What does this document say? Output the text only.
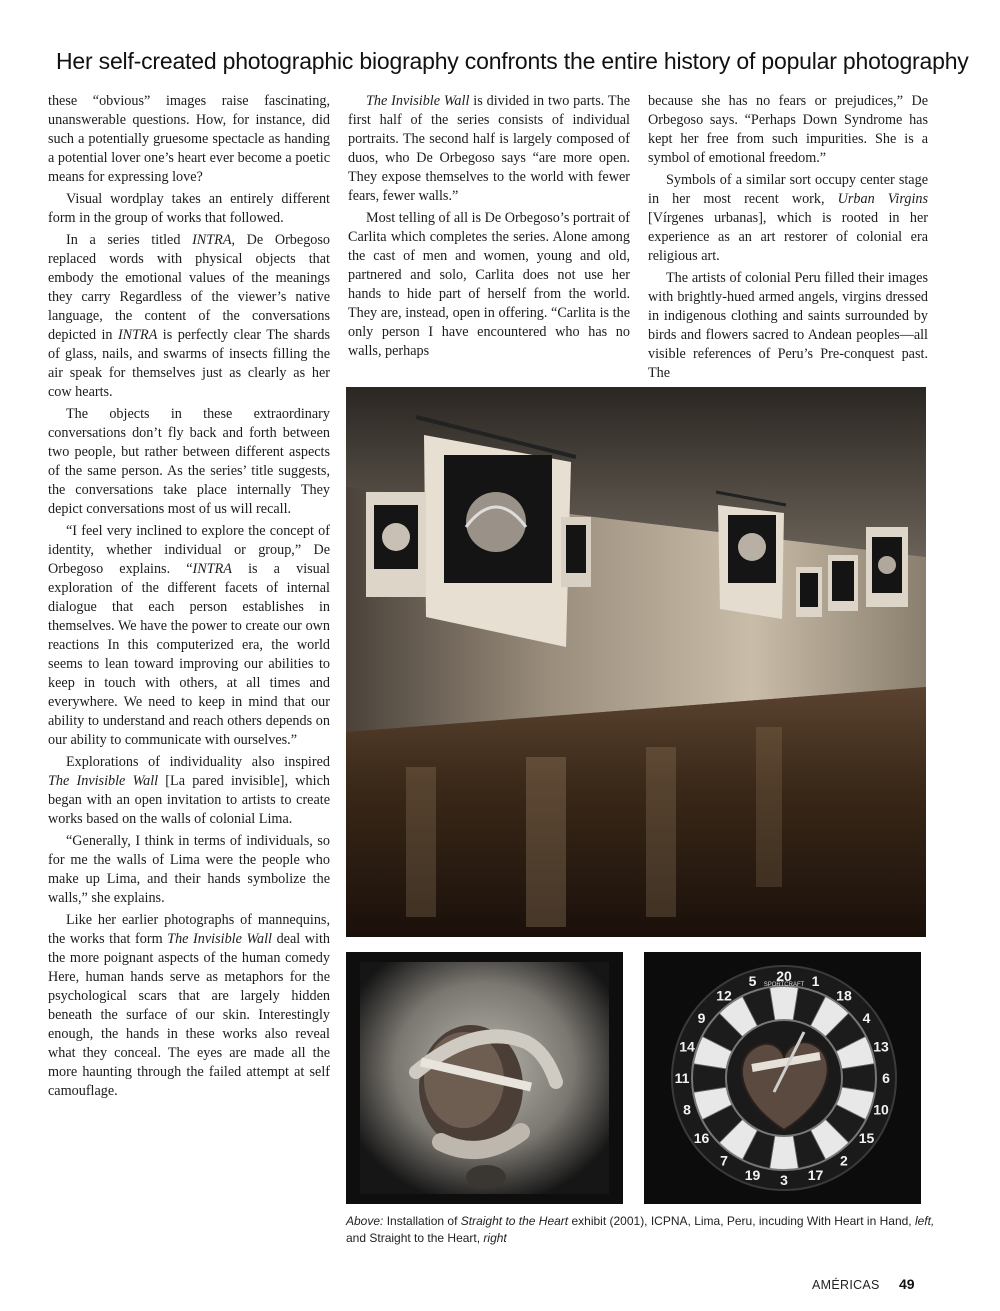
Her self-created photographic biography confronts the entire history of popular photography

these “obvious” images raise fascinating, unanswerable questions. How, for instance, did such a potentially gruesome spectacle as handing a potential lover one’s heart ever become a poetic means for expressing love?

Visual wordplay takes an entirely different form in the group of works that followed.

In a series titled INTRA, De Orbegoso replaced words with physical objects that embody the emotional values of the meanings they carry Regardless of the viewer’s native language, the content of the conversations depicted in INTRA is perfectly clear The shards of glass, nails, and swarms of insects filling the air speak for themselves just as clearly as her cow hearts.

The objects in these extraordinary conversations don’t fly back and forth between two people, but rather between different aspects of the same person. As the series’ title suggests, the conversations take place internally They depict conversations most of us will recall.

“I feel very inclined to explore the concept of identity, whether individual or group,” De Orbegoso explains. “INTRA is a visual exploration of the different facets of internal dialogue that each person establishes in themselves. We have the power to create our own reactions In this computerized era, the world seems to lean toward improving our abilities to keep in touch with others, at all times and everywhere. We need to keep in mind that our ability to understand and reach others depends on our ability to communicate with ourselves.”

Explorations of individuality also inspired The Invisible Wall [La pared invisible], which began with an open invitation to artists to create works based on the walls of colonial Lima.

“Generally, I think in terms of individuals, so for me the walls of Lima were the people who make up Lima, and their hands symbolize the walls,” she explains.

Like her earlier photographs of mannequins, the works that form The Invisible Wall deal with the more poignant aspects of the human comedy Here, human hands serve as metaphors for the psychological scars that are largely hidden beneath the surface of our skin. Interestingly enough, the hands in these works also reveal what they conceal. The eyes are made all the more haunting through the failed attempt at self camouflage.

The Invisible Wall is divided in two parts. The first half of the series consists of individual portraits. The second half is largely composed of duos, who De Orbegoso says “are more open. They expose themselves to the world with fewer fears, fewer walls.”

Most telling of all is De Orbegoso’s portrait of Carlita which completes the series. Alone among the cast of men and women, young and old, partnered and solo, Carlita does not use her hands to hide part of herself from the world. They are, instead, open in offering. “Carlita is the only person I have encountered who has no walls, perhaps

because she has no fears or prejudices,” De Orbegoso says. “Perhaps Down Syndrome has kept her free from such impurities. She is a symbol of emotional freedom.”

Symbols of a similar sort occupy center stage in her most recent work, Urban Virgins [Vírgenes urbanas], which is rooted in her experience as an art restorer of colonial era religious art.

The artists of colonial Peru filled their images with brightly-hued armed angels, virgins dressed in indigenous clothing and saints surrounded by birds and flowers sacred to Andean peoples—all visible references of Peru’s Pre-conquest past. The

20 1
18
4
13
6
10
15
2
17
3
19
7
16
8
11
14
9
12
5 SPORTCRAFT
Above: Installation of Straight to the Heart exhibit (2001), ICPNA, Lima, Peru, incuding With Heart in Hand, left, and Straight to the Heart, right
AMÉRICAS 49
